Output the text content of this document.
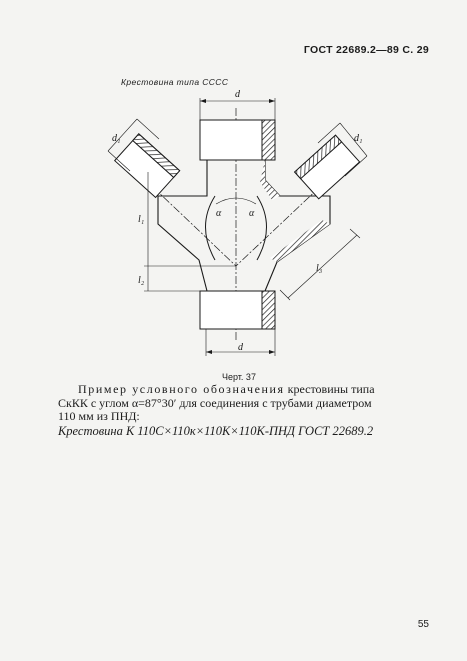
ГОСТ 22689.2—89 С. 29
Крестовина типа СССС
d
d
d₁	d₁
α	α
l₁
l₂
l₃
Черт. 37
Пример условного обозначения крестовины типа
СкКК с углом α=87°30′ для соединения с трубами диаметром
110 мм из ПНД:
Крестовина К 110С×110к×110К×110К-ПНД ГОСТ 22689.2
55
